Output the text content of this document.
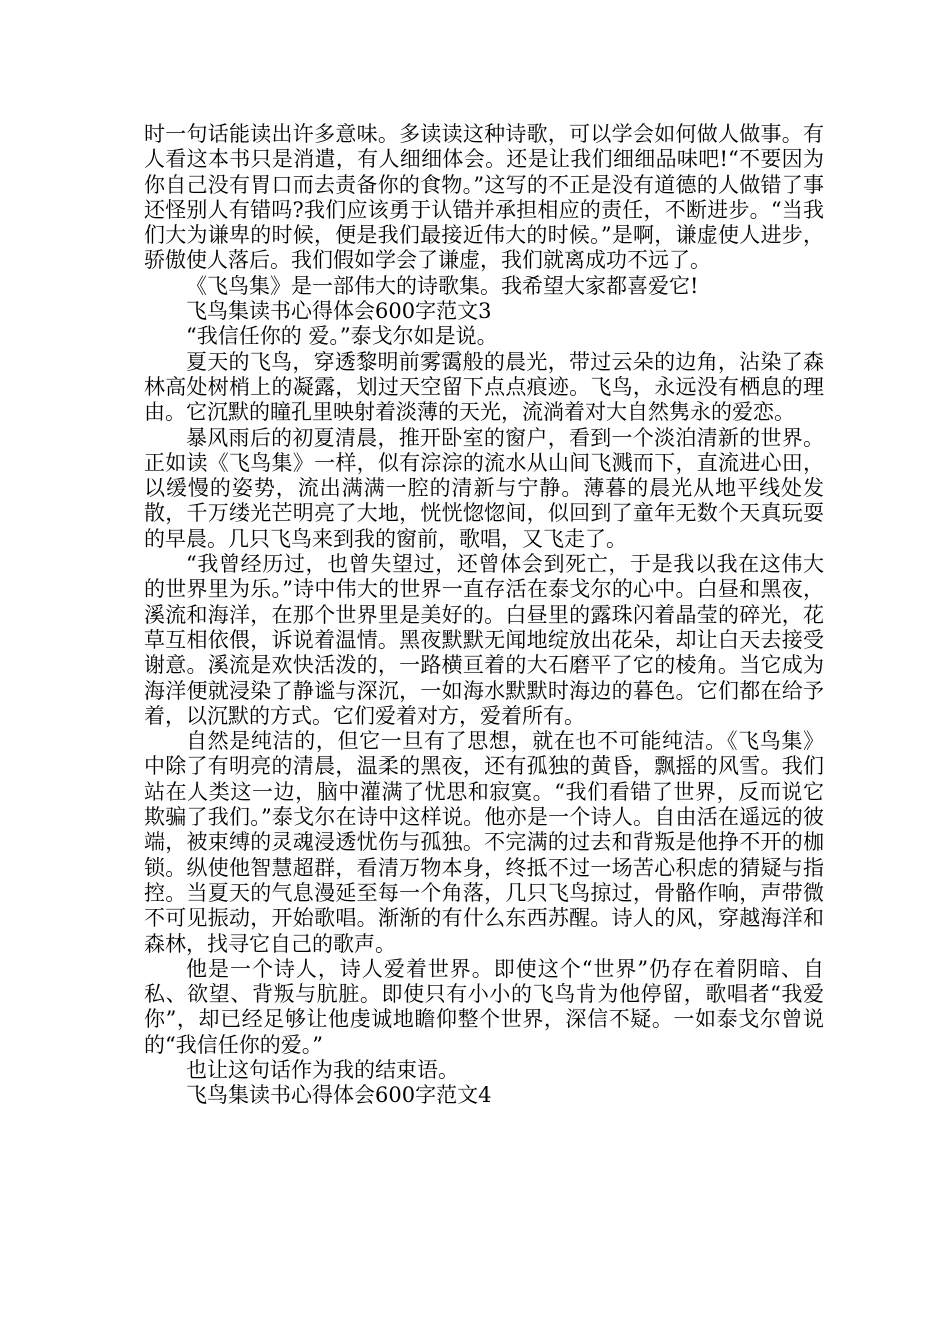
时一句话能读出许多意味。多读读这种诗歌，可以学会如何做人做事。有人看这本书只是消遣，有人细细体会。还是让我们细细品味吧!“不要因为你自己没有胃口而去责备你的食物。”这写的不正是没有道德的人做错了事还怪别人有错吗?我们应该勇于认错并承担相应的责任，不断进步。“当我们大为谦卑的时候，便是我们最接近伟大的时候。”是啊，谦虚使人进步，骄傲使人落后。我们假如学会了谦虚，我们就离成功不远了。

《飞鸟集》是一部伟大的诗歌集。我希望大家都喜爱它!

飞鸟集读书心得体会600字范文3

“我信任你的 爱。”泰戈尔如是说。

夏天的飞鸟，穿透黎明前雾霭般的晨光，带过云朵的边角，沾染了森林高处树梢上的凝露，划过天空留下点点痕迹。飞鸟，永远没有栖息的理由。它沉默的瞳孔里映射着淡薄的天光，流淌着对大自然隽永的爱恋。

暴风雨后的初夏清晨，推开卧室的窗户，看到一个淡泊清新的世界。正如读《飞鸟集》一样，似有淙淙的流水从山间飞溅而下，直流进心田，以缓慢的姿势，流出满满一腔的清新与宁静。薄暮的晨光从地平线处发散，千万缕光芒明亮了大地，恍恍惚惚间，似回到了童年无数个天真玩耍的早晨。几只飞鸟来到我的窗前，歌唱，又飞走了。

“我曾经历过，也曾失望过，还曾体会到死亡，于是我以我在这伟大的世界里为乐。”诗中伟大的世界一直存活在泰戈尔的心中。白昼和黑夜，溪流和海洋，在那个世界里是美好的。白昼里的露珠闪着晶莹的碎光，花草互相依偎，诉说着温情。黑夜默默无闻地绽放出花朵，却让白天去接受谢意。溪流是欢快活泼的，一路横亘着的大石磨平了它的棱角。当它成为海洋便就浸染了静谧与深沉，一如海水默默时海边的暮色。它们都在给予着，以沉默的方式。它们爱着对方，爱着所有。

自然是纯洁的，但它一旦有了思想，就在也不可能纯洁。《飞鸟集》中除了有明亮的清晨，温柔的黑夜，还有孤独的黄昏，飘摇的风雪。我们站在人类这一边，脑中灌满了忧思和寂寞。“我们看错了世界，反而说它欺骗了我们。”泰戈尔在诗中这样说。他亦是一个诗人。自由活在遥远的彼端，被束缚的灵魂浸透忧伤与孤独。不完满的过去和背叛是他挣不开的枷锁。纵使他智慧超群，看清万物本身，终抵不过一场苦心积虑的猜疑与指控。当夏天的气息漫延至每一个角落，几只飞鸟掠过，骨骼作响，声带微不可见振动，开始歌唱。渐渐的有什么东西苏醒。诗人的风，穿越海洋和森林，找寻它自己的歌声。

他是一个诗人，诗人爱着世界。即使这个“世界”仍存在着阴暗、自私、欲望、背叛与肮脏。即使只有小小的飞鸟肯为他停留，歌唱者“我爱你”，却已经足够让他虔诚地瞻仰整个世界，深信不疑。一如泰戈尔曾说的“我信任你的爱。”

也让这句话作为我的结束语。

飞鸟集读书心得体会600字范文4
